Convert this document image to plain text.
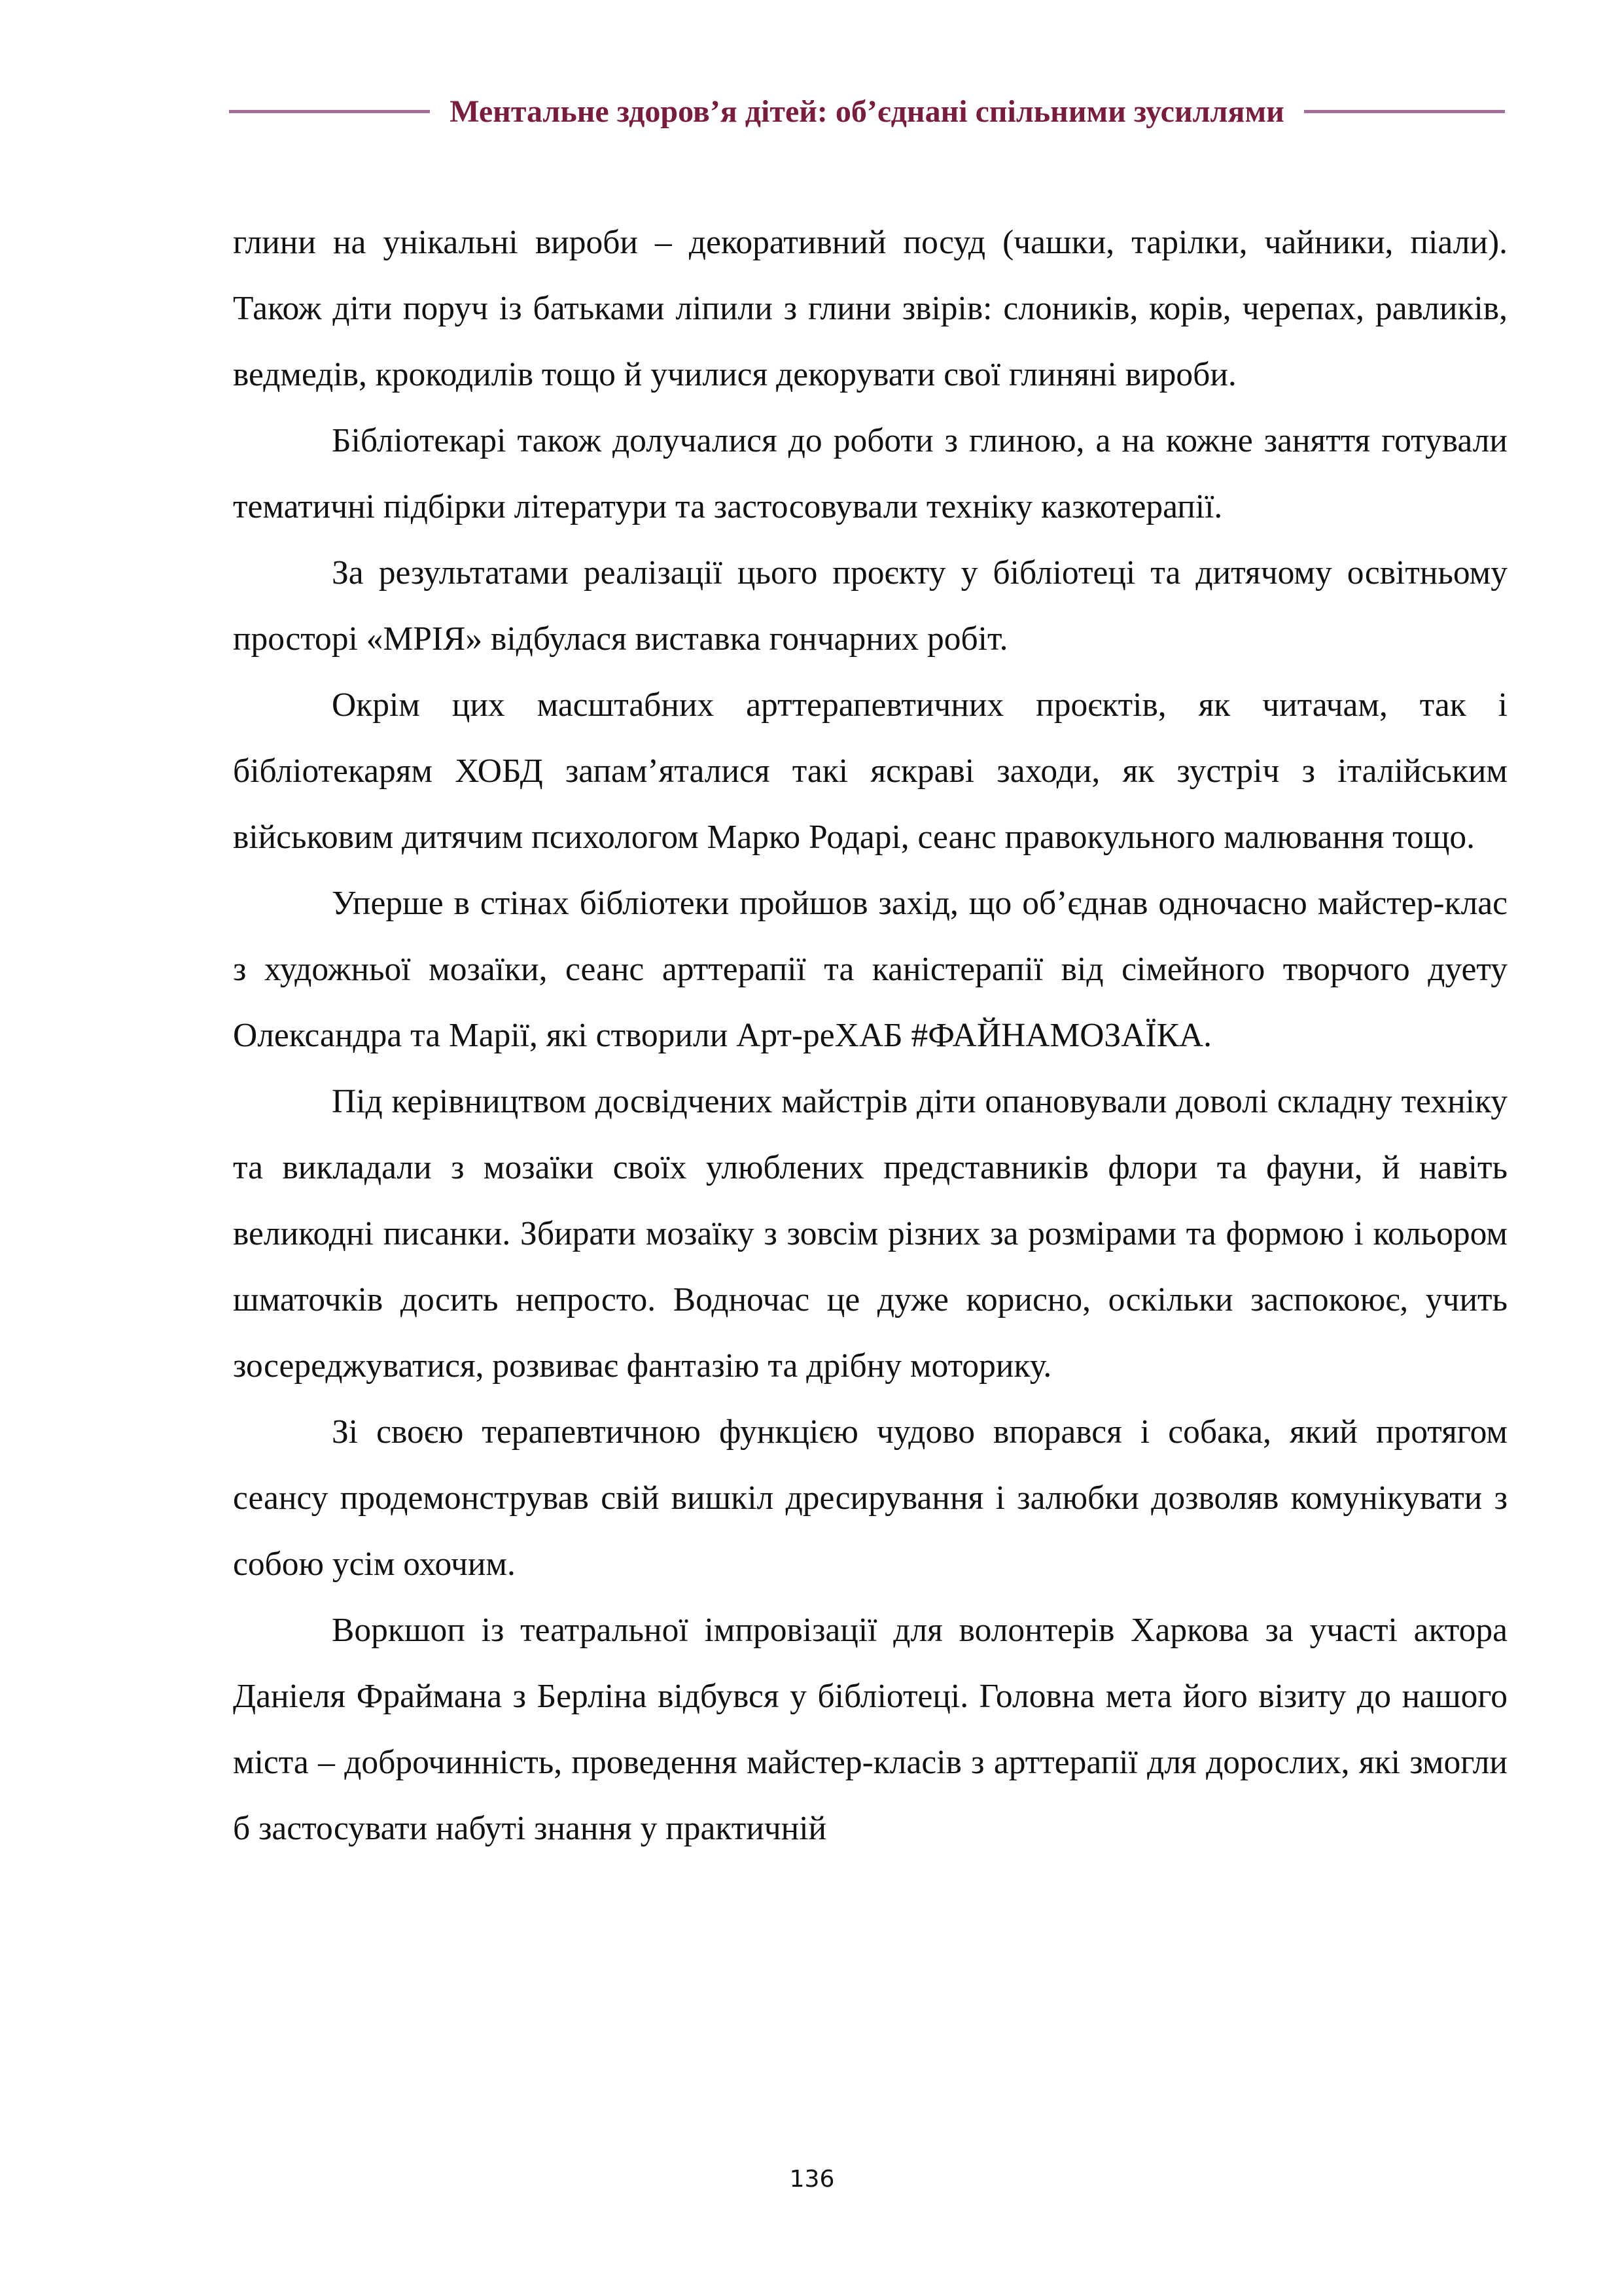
Ментальне здоров’я дітей: об’єднані спільними зусиллями

глини на унікальні вироби – декоративний посуд (чашки, тарілки, чайники, піали). Також діти поруч із батьками ліпили з глини звірів: слоників, корів, черепах, равликів, ведмедів, крокодилів тощо й училися декорувати свої глиняні вироби.

Бібліотекарі також долучалися до роботи з глиною, а на кожне заняття готували тематичні підбірки літератури та застосовували техніку казкотерапії.

За результатами реалізації цього проєкту у бібліотеці та дитячому освітньому просторі «МРІЯ» відбулася виставка гончарних робіт.

Окрім цих масштабних арттерапевтичних проєктів, як читачам, так і бібліотекарям ХОБД запам’яталися такі яскраві заходи, як зустріч з італійським військовим дитячим психологом Марко Родарі, сеанс правокульного малювання тощо.

Уперше в стінах бібліотеки пройшов захід, що об’єднав одночасно майстер-клас з художньої мозаїки, сеанс арттерапії та каністерапії від сімейного творчого дуету Олександра та Марії, які створили Арт-реХАБ #ФАЙНАМОЗАЇКА.

Під керівництвом досвідчених майстрів діти опановували доволі складну техніку та викладали з мозаїки своїх улюблених представників флори та фауни, й навіть великодні писанки. Збирати мозаїку з зовсім різних за розмірами та формою і кольором шматочків досить непросто. Водночас це дуже корисно, оскільки заспокоює, учить зосереджуватися, розвиває фантазію та дрібну моторику.

Зі своєю терапевтичною функцією чудово впорався і собака, який протягом сеансу продемонстрував свій вишкіл дресирування і залюбки дозволяв комунікувати з собою усім охочим.

Воркшоп із театральної імпровізації для волонтерів Харкова за участі актора Даніеля Фраймана з Берліна відбувся у бібліотеці. Головна мета його візиту до нашого міста – доброчинність, проведення майстер-класів з арттерапії для дорослих, які змогли б застосувати набуті знання у практичній

136
